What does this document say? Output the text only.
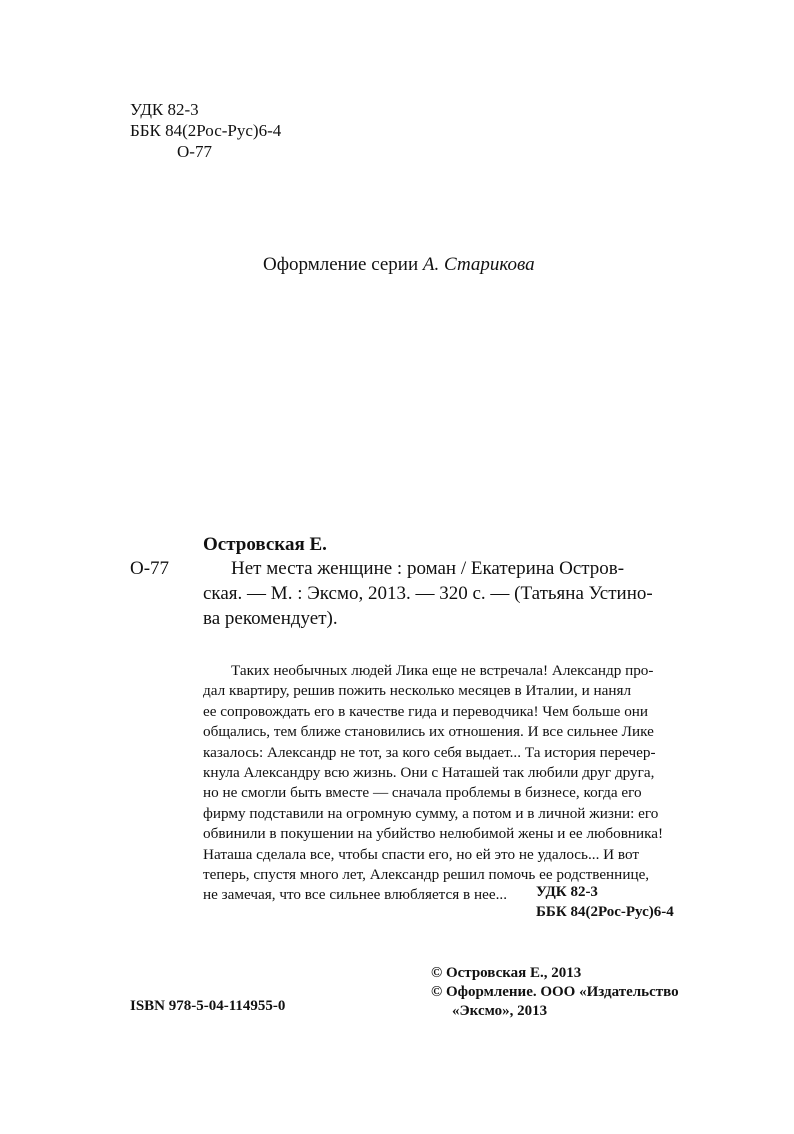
УДК 82-3
ББК 84(2Рос-Рус)6-4
О-77
Оформление серии А. Старикова
Островская Е.
О-77	Нет места женщине : роман / Екатерина Остров-
ская. — М. : Эксмо, 2013. — 320 с. — (Татьяна Устино-
ва рекомендует).
Таких необычных людей Лика еще не встречала! Александр про-
дал квартиру, решив пожить несколько месяцев в Италии, и нанял
ее сопровождать его в качестве гида и переводчика! Чем больше они
общались, тем ближе становились их отношения. И все сильнее Лике
казалось: Александр не тот, за кого себя выдает... Та история перечер-
кнула Александру всю жизнь. Они с Наташей так любили друг друга,
но не смогли быть вместе — сначала проблемы в бизнесе, когда его
фирму подставили на огромную сумму, а потом и в личной жизни: его
обвинили в покушении на убийство нелюбимой жены и ее любовника!
Наташа сделала все, чтобы спасти его, но ей это не удалось... И вот
теперь, спустя много лет, Александр решил помочь ее родственнице,
не замечая, что все сильнее влюбляется в нее...	УДК 82-3
ББК 84(2Рос-Рус)6-4
ISBN 978-5-04-114955-0
© Островская Е., 2013
© Оформление. ООО «Издательство
«Эксмо», 2013
